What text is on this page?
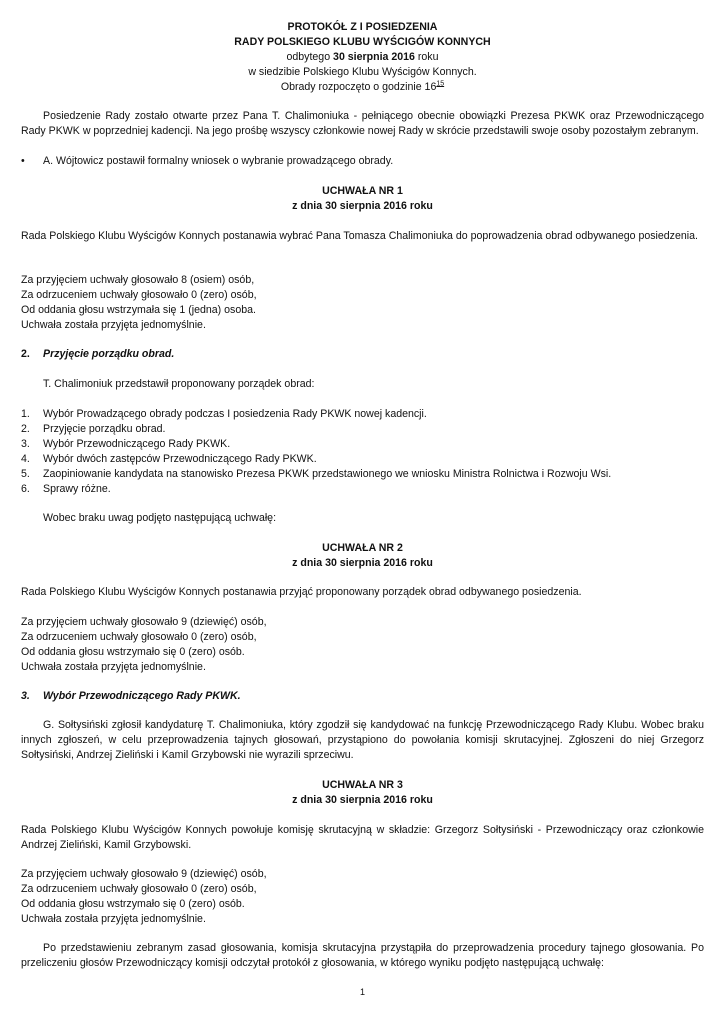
PROTOKÓŁ Z I POSIEDZENIA
RADY POLSKIEGO KLUBU WYŚCIGÓW KONNYCH
odbytego 30 sierpnia 2016 roku
w siedzibie Polskiego Klubu Wyścigów Konnych.
Obrady rozpoczęto o godzinie $16^{15}$
Posiedzenie Rady zostało otwarte przez Pana T. Chalimoniuka - pełniącego obecnie obowiązki Prezesa PKWK oraz Przewodniczącego Rady PKWK w poprzedniej kadencji. Na jego prośbę wszyscy członkowie nowej Rady w skrócie przedstawili swoje osoby pozostałym zebranym.
•	A. Wójtowicz postawił formalny wniosek o wybranie prowadzącego obrady.
UCHWAŁA NR 1
z dnia 30 sierpnia 2016 roku
Rada Polskiego Klubu Wyścigów Konnych postanawia wybrać Pana Tomasza Chalimoniuka do poprowadzenia obrad odbywanego posiedzenia.
Za przyjęciem uchwały głosowało 8 (osiem) osób,
Za odrzuceniem uchwały głosowało 0 (zero) osób,
Od oddania głosu wstrzymała się 1 (jedna) osoba.
Uchwała została przyjęta jednomyślnie.
2.	Przyjęcie porządku obrad.
T. Chalimoniuk przedstawił proponowany porządek obrad:
1.	Wybór Prowadzącego obrady podczas I posiedzenia Rady PKWK nowej kadencji.
2.	Przyjęcie porządku obrad.
3.	Wybór Przewodniczącego Rady PKWK.
4.	Wybór dwóch zastępców Przewodniczącego Rady PKWK.
5.	Zaopiniowanie kandydata na stanowisko Prezesa PKWK przedstawionego we wniosku Ministra Rolnictwa i Rozwoju Wsi.
6.	Sprawy różne.
Wobec braku uwag podjęto następującą uchwałę:
UCHWAŁA NR 2
z dnia 30 sierpnia 2016 roku
Rada Polskiego Klubu Wyścigów Konnych postanawia przyjąć proponowany porządek obrad odbywanego posiedzenia.
Za przyjęciem uchwały głosowało 9 (dziewięć) osób,
Za odrzuceniem uchwały głosowało 0 (zero) osób,
Od oddania głosu wstrzymało się 0 (zero) osób.
Uchwała została przyjęta jednomyślnie.
3.	Wybór Przewodniczącego Rady PKWK.
G. Sołtysiński zgłosił kandydaturę T. Chalimoniuka, który zgodził się kandydować na funkcję Przewodniczącego Rady Klubu. Wobec braku innych zgłoszeń, w celu przeprowadzenia tajnych głosowań, przystąpiono do powołania komisji skrutacyjnej. Zgłoszeni do niej Grzegorz Sołtysiński, Andrzej Zieliński i Kamil Grzybowski nie wyrazili sprzeciwu.
UCHWAŁA NR 3
z dnia 30 sierpnia 2016 roku
Rada Polskiego Klubu Wyścigów Konnych powołuje komisję skrutacyjną w składzie: Grzegorz Sołtysiński - Przewodniczący oraz członkowie Andrzej Zieliński, Kamil Grzybowski.
Za przyjęciem uchwały głosowało 9 (dziewięć) osób,
Za odrzuceniem uchwały głosowało 0 (zero) osób,
Od oddania głosu wstrzymało się 0 (zero) osób.
Uchwała została przyjęta jednomyślnie.
Po przedstawieniu zebranym zasad głosowania, komisja skrutacyjna przystąpiła do przeprowadzenia procedury tajnego głosowania. Po przeliczeniu głosów Przewodniczący komisji odczytał protokół z głosowania, w którego wyniku podjęto następującą uchwałę:
1
